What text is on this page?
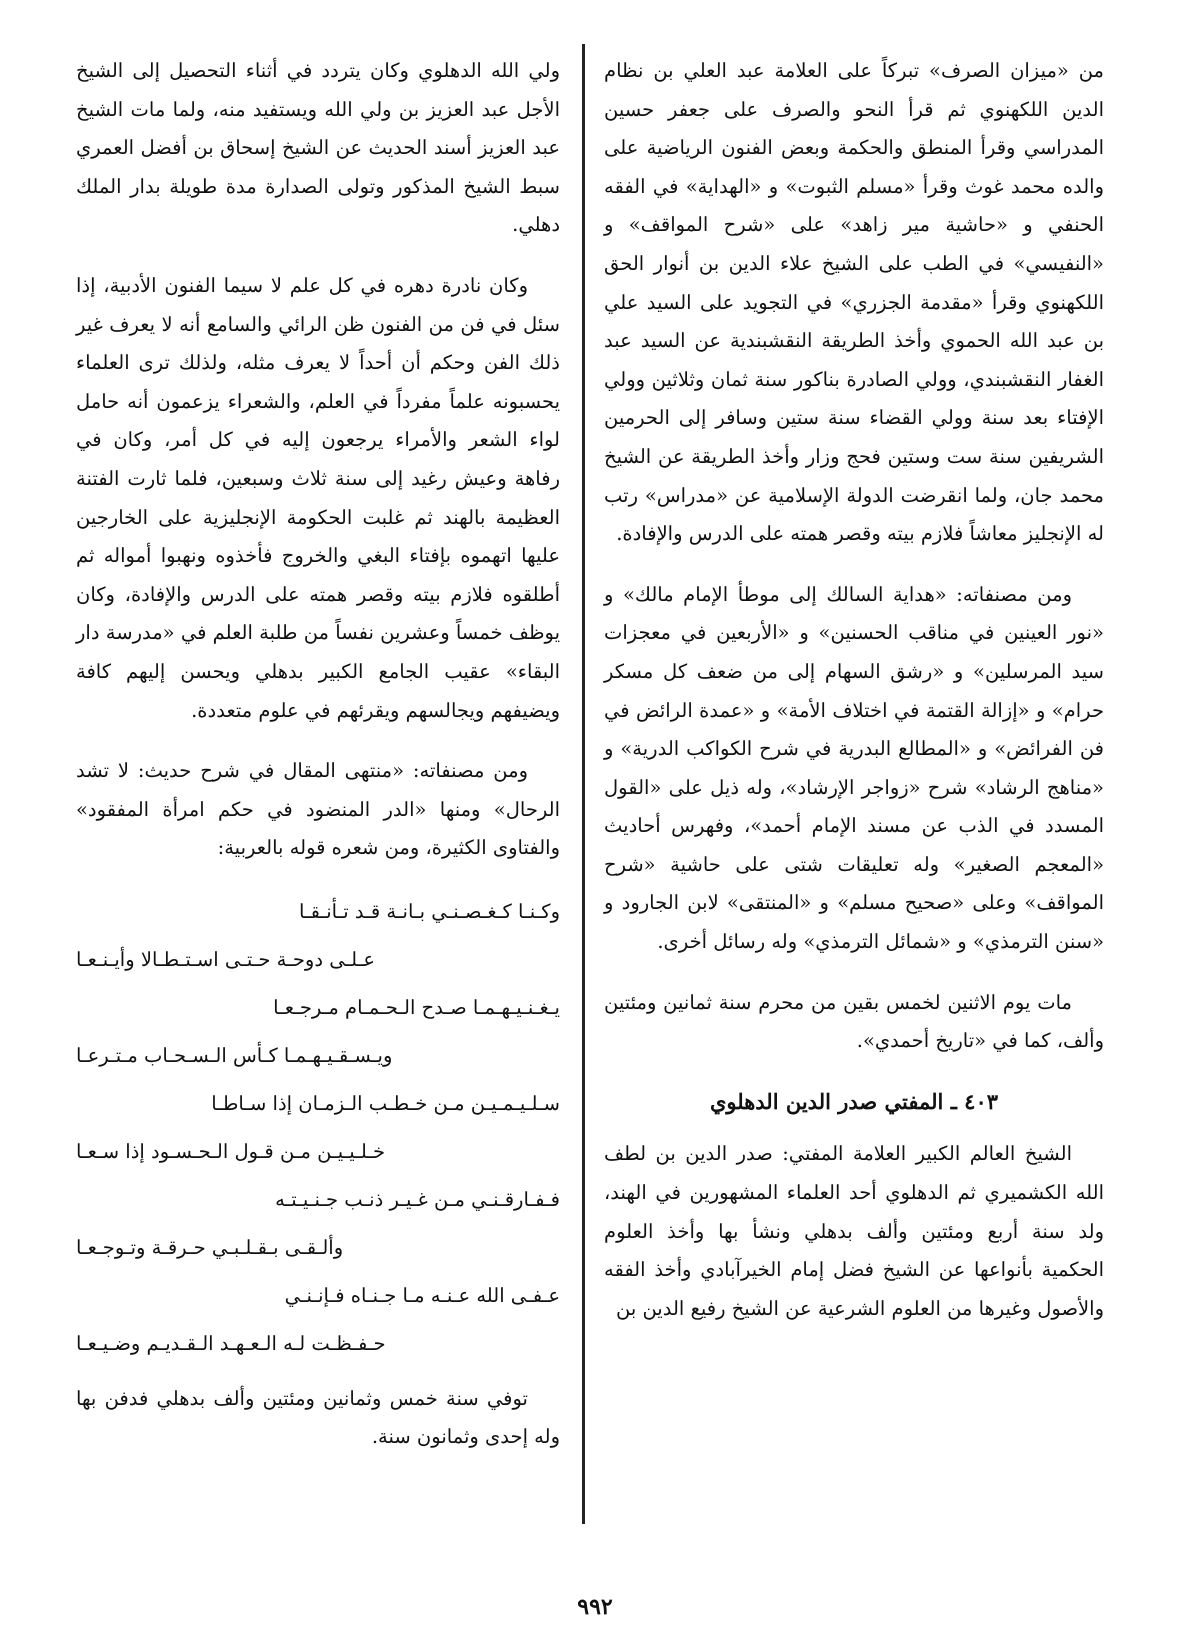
من «ميزان الصرف» تبركاً على العلامة عبد العلي بن نظام الدين اللكهنوي ثم قرأ النحو والصرف على جعفر حسين المدراسي وقرأ المنطق والحكمة وبعض الفنون الرياضية على والده محمد غوث وقرأ «مسلم الثبوت» و «الهداية» في الفقه الحنفي و «حاشية مير زاهد» على «شرح المواقف» و «النفيسي» في الطب على الشيخ علاء الدين بن أنوار الحق اللكهنوي وقرأ «مقدمة الجزري» في التجويد على السيد علي بن عبد الله الحموي وأخذ الطريقة النقشبندية عن السيد عبد الغفار النقشبندي، وولي الصادرة بناكور سنة ثمان وثلاثين وولي الإفتاء بعد سنة وولي القضاء سنة ستين وسافر إلى الحرمين الشريفين سنة ست وستين فحج وزار وأخذ الطريقة عن الشيخ محمد جان، ولما انقرضت الدولة الإسلامية عن «مدراس» رتب له الإنجليز معاشاً فلازم بيته وقصر همته على الدرس والإفادة.

ومن مصنفاته: «هداية السالك إلى موطأ الإمام مالك» و «نور العينين في مناقب الحسنين» و «الأربعين في معجزات سيد المرسلين» و «رشق السهام إلى من ضعف كل مسكر حرام» و «إزالة القتمة في اختلاف الأمة» و «عمدة الرائض في فن الفرائض» و «المطالع البدرية في شرح الكواكب الدرية» و «مناهج الرشاد» شرح «زواجر الإرشاد»، وله ذيل على «القول المسدد في الذب عن مسند الإمام أحمد»، وفهرس أحاديث «المعجم الصغير» وله تعليقات شتى على حاشية «شرح المواقف» وعلى «صحيح مسلم» و «المنتقى» لابن الجارود و «سنن الترمذي» و «شمائل الترمذي» وله رسائل أخرى.

مات يوم الاثنين لخمس بقين من محرم سنة ثمانين ومئتين وألف، كما في «تاريخ أحمدي».

٤٠٣ ـ المفتي صدر الدين الدهلوي

الشيخ العالم الكبير العلامة المفتي: صدر الدين بن لطف الله الكشميري ثم الدهلوي أحد العلماء المشهورين في الهند، ولد سنة أربع ومئتين وألف بدهلي ونشأ بها وأخذ العلوم الحكمية بأنواعها عن الشيخ فضل إمام الخيرآبادي وأخذ الفقه والأصول وغيرها من العلوم الشرعية عن الشيخ رفيع الدين بن

ولي الله الدهلوي وكان يتردد في أثناء التحصيل إلى الشيخ الأجل عبد العزيز بن ولي الله ويستفيد منه، ولما مات الشيخ عبد العزيز أسند الحديث عن الشيخ إسحاق بن أفضل العمري سبط الشيخ المذكور وتولى الصدارة مدة طويلة بدار الملك دهلي.

وكان نادرة دهره في كل علم لا سيما الفنون الأدبية، إذا سئل في فن من الفنون ظن الرائي والسامع أنه لا يعرف غير ذلك الفن وحكم أن أحداً لا يعرف مثله، ولذلك ترى العلماء يحسبونه علماً مفرداً في العلم، والشعراء يزعمون أنه حامل لواء الشعر والأمراء يرجعون إليه في كل أمر، وكان في رفاهة وعيش رغيد إلى سنة ثلاث وسبعين، فلما ثارت الفتنة العظيمة بالهند ثم غلبت الحكومة الإنجليزية على الخارجين عليها اتهموه بإفتاء البغي والخروج فأخذوه ونهبوا أمواله ثم أطلقوه فلازم بيته وقصر همته على الدرس والإفادة، وكان يوظف خمساً وعشرين نفساً من طلبة العلم في «مدرسة دار البقاء» عقيب الجامع الكبير بدهلي ويحسن إليهم كافة ويضيفهم ويجالسهم ويقرئهم في علوم متعددة.

ومن مصنفاته: «منتهى المقال في شرح حديث: لا تشد الرحال» ومنها «الدر المنضود في حكم امرأة المفقود» والفتاوى الكثيرة، ومن شعره قوله بالعربية:

وكـنـا كـغـصـنـي بـانـة قـد تـأنـقـا
عـلـى دوحـة حـتـى اسـتـطـالا وأيـنـعـا
يـغـنـيـهـمـا صـدح الـحـمـام مـرجـعـا
ويـسـقـيـهـمـا كـأس الـسـحـاب مـتـرعـا
سـلـيـمـيـن مـن خـطـب الـزمـان إذا سـاطـا
خـلـيـيـن مـن قـول الـحـسـود إذا سـعـا
فـفـارقـنـي مـن غـيـر ذنـب جـنـيـتـه
وألـقـى بـقـلـبـي حـرقـة وتـوجـعـا
عـفـى الله عـنـه مـا جـنـاه فـإنـنـي
حـفـظـت لـه الـعـهـد الـقـديـم وضـيـعـا

توفي سنة خمس وثمانين ومئتين وألف بدهلي فدفن بها وله إحدى وثمانون سنة.

٩٩٢
